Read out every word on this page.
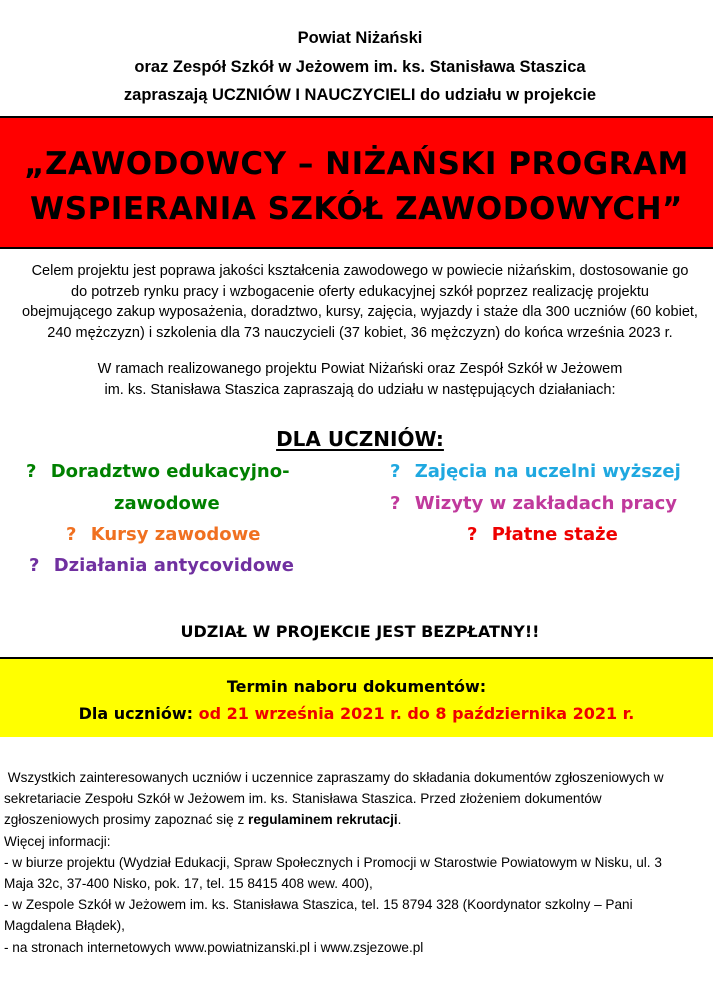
Powiat Niżański
oraz Zespół Szkół w Jeżowem im. ks. Stanisława Staszica
zapraszają UCZNIÓW I NAUCZYCIELI do udziału w projekcie
„ZAWODOWCY – NIŻAŃSKI PROGRAM
WSPIERANIA SZKÓŁ ZAWODOWYCH”
Celem projektu jest poprawa jakości kształcenia zawodowego w powiecie niżańskim, dostosowanie go
do potrzeb rynku pracy i wzbogacenie oferty edukacyjnej szkół poprzez realizację projektu
obejmującego zakup wyposażenia, doradztwo, kursy, zajęcia, wyjazdy i staże dla 300 uczniów (60 kobiet,
240 mężczyzn) i szkolenia dla 73 nauczycieli (37 kobiet, 36 mężczyzn) do końca września 2023 r.
W ramach realizowanego projektu Powiat Niżański oraz Zespół Szkół w Jeżowem
im. ks. Stanisława Staszica zapraszają do udziału w następujących działaniach:
DLA UCZNIÓW:
? Doradztwo edukacyjno-
zawodowe
? Zajęcia na uczelni wyższej
? Wizyty w zakładach pracy
? Kursy zawodowe	? Płatne staże
? Działania antycovidowe
UDZIAŁ W PROJEKCIE JEST BEZPŁATNY!!
Termin naboru dokumentów:
Dla uczniów: od 21 września 2021 r. do 8 października 2021 r.
Wszystkich zainteresowanych uczniów i uczennice zapraszamy do składania dokumentów zgłoszeniowych w
sekretariacie Zespołu Szkół w Jeżowem im. ks. Stanisława Staszica. Przed złożeniem dokumentów
zgłoszeniowych prosimy zapoznać się z regulaminem rekrutacji.
Więcej informacji:
- w biurze projektu (Wydział Edukacji, Spraw Społecznych i Promocji w Starostwie Powiatowym w Nisku, ul. 3
Maja 32c, 37-400 Nisko, pok. 17, tel. 15 8415 408 wew. 400),
- w Zespole Szkół w Jeżowem im. ks. Stanisława Staszica, tel. 15 8794 328 (Koordynator szkolny – Pani
Magdalena Błądek),
- na stronach internetowych www.powiatnizanski.pl i www.zsjezowe.pl
